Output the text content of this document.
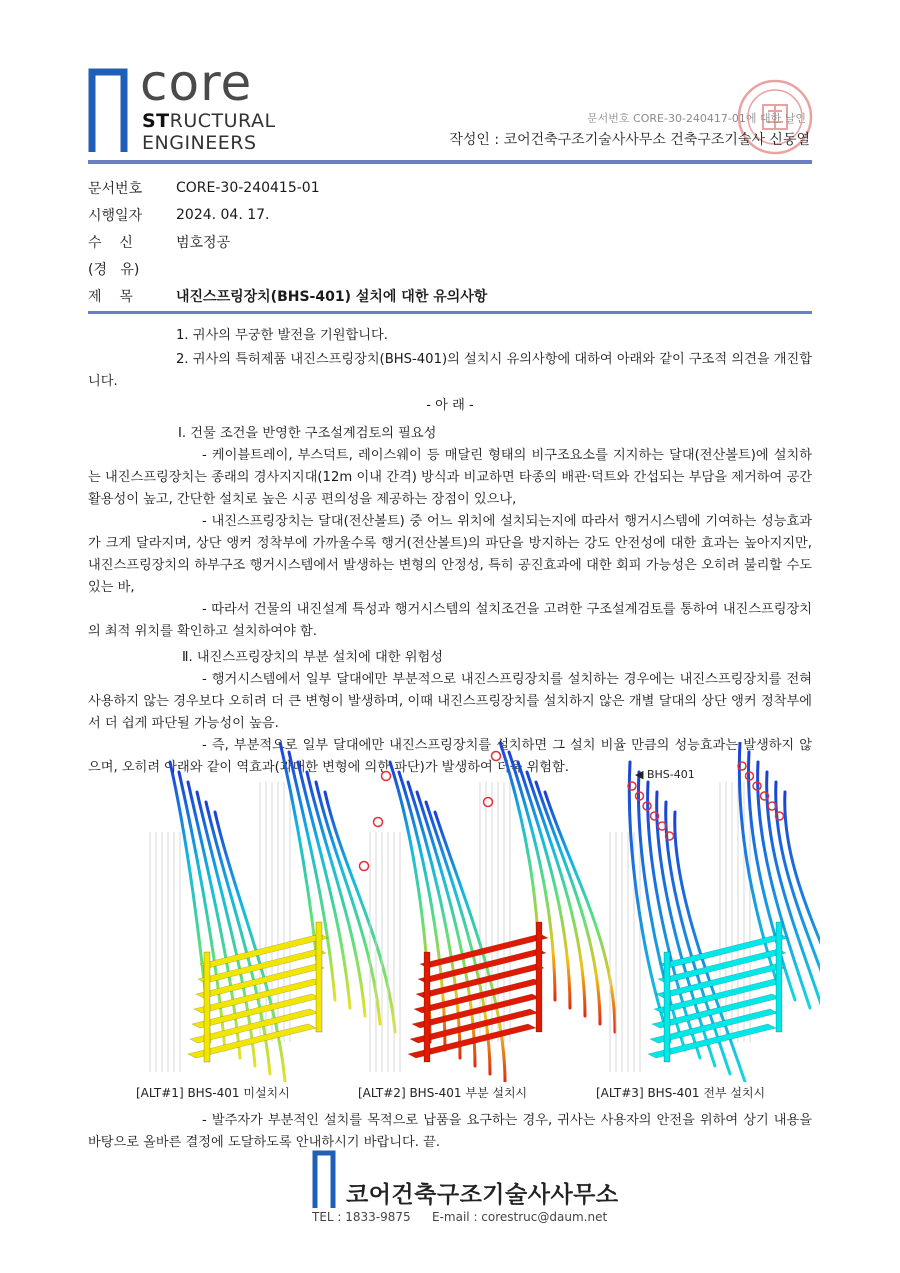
core
STRUCTURAL
ENGINEERS
문서번호 CORE-30-240417-01에 대한 날인
작성인 : 코어건축구조기술사사무소 건축구조기술사 신동열
문서번호	CORE-30-240415-01
시행일자	2024. 04. 17.
수    신	범호정공
(경   유)
제    목	내진스프링장치(BHS-401) 설치에 대한 유의사항

1. 귀사의 무궁한 발전을 기원합니다.

2. 귀사의 특허제품 내진스프링장치(BHS-401)의 설치시 유의사항에 대하여 아래와 같이 구조적 의견을 개진합니다.

- 아 래 -

Ⅰ. 건물 조건을 반영한 구조설계검토의 필요성

- 케이블트레이, 부스덕트, 레이스웨이 등 매달린 형태의 비구조요소를 지지하는 달대(전산볼트)에 설치하는 내진스프링장치는 종래의 경사지지대(12m 이내 간격) 방식과 비교하면 타종의 배관·덕트와 간섭되는 부담을 제거하여 공간 활용성이 높고, 간단한 설치로 높은 시공 편의성을 제공하는 장점이 있으나,

- 내진스프링장치는 달대(전산볼트) 중 어느 위치에 설치되는지에 따라서 행거시스템에 기여하는 성능효과가 크게 달라지며, 상단 앵커 정착부에 가까울수록 행거(전산볼트)의 파단을 방지하는 강도 안전성에 대한 효과는 높아지지만, 내진스프링장치의 하부구조 행거시스템에서 발생하는 변형의 안정성, 특히 공진효과에 대한 회피 가능성은 오히려 불리할 수도 있는 바,

- 따라서 건물의 내진설계 특성과 행거시스템의 설치조건을 고려한 구조설계검토를 통하여 내진스프링장치의 최적 위치를 확인하고 설치하여야 함.

Ⅱ. 내진스프링장치의 부분 설치에 대한 위험성

- 행거시스템에서 일부 달대에만 부분적으로 내진스프링장치를 설치하는 경우에는 내진스프링장치를 전혀 사용하지 않는 경우보다 오히려 더 큰 변형이 발생하며, 이때 내진스프링장치를 설치하지 않은 개별 달대의 상단 앵커 정착부에서 더 쉽게 파단될 가능성이 높음.

- 즉, 부분적으로 일부 달대에만 내진스프링장치를 설치하면 그 설치 비율 만큼의 성능효과는 발생하지 않으며, 오히려 아래와 같이 역효과(과대한 변형에 의한 파단)가 발생하여 더욱 위험함.	◀ BHS-401
[ALT#1] BHS-401 미설치시	[ALT#2] BHS-401 부분 설치시	[ALT#3] BHS-401 전부 설치시

- 발주자가 부분적인 설치를 목적으로 납품을 요구하는 경우, 귀사는 사용자의 안전을 위하여 상기 내용을 바탕으로 올바른 결정에 도달하도록 안내하시기 바랍니다. 끝.

코어건축구조기술사사무소
TEL : 1833-9875 E-mail : corestruc@daum.net
